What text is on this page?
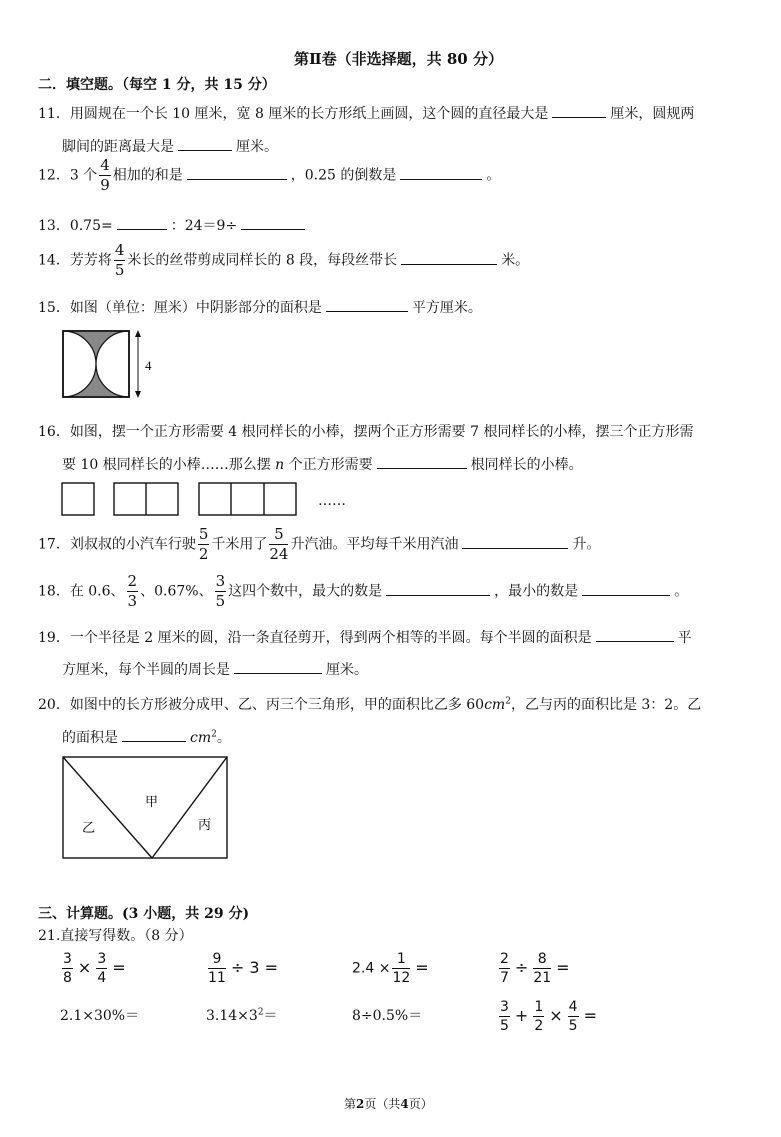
第Ⅱ卷（非选择题，共 80 分）
二．填空题。（每空 1 分，共 15 分）
11．用圆规在一个长 10 厘米，宽 8 厘米的长方形纸上画圆，这个圆的直径最大是	厘米，圆规两
脚间的距离最大是	厘米。
12．3 个 $\frac{4}{9}$ 相加的和是	，0.25 的倒数是	。
13．0.75=	：24＝9÷
14．芳芳将 $\frac{4}{5}$ 米长的丝带剪成同样长的 8 段，每段丝带长	米。
15．如图（单位：厘米）中阴影部分的面积是	平方厘米。
4
16．如图，摆一个正方形需要 4 根同样长的小棒，摆两个正方形需要 7 根同样长的小棒，摆三个正方形需
要 10 根同样长的小棒……那么摆 n 个正方形需要	根同样长的小棒。
……
17．刘叔叔的小汽车行驶 $\frac{5}{2}$ 千米用了 $\frac{5}{24}$ 升汽油。平均每千米用汽油	升。
18．在 0.6、 $\frac{2}{3}$ 、0.67%、 $\frac{3}{5}$ 这四个数中，最大的数是	，最小的数是	。
19．一个半径是 2 厘米的圆，沿一条直径剪开，得到两个相等的半圆。每个半圆的面积是	平
方厘米，每个半圆的周长是	厘米。
20．如图中的长方形被分成甲、乙、丙三个三角形，甲的面积比乙多 $60cm^2$，乙与丙的面积比是 3：2。乙
的面积是	$cm^2$。
甲
乙	丙
三、计算题。(3 小题，共 29 分)
21.直接写得数。（8 分）
$\frac{3}{8} \times \frac{3}{4}$ =	$\frac{9}{11} \div 3$ =	$2.4 \times \frac{1}{12}$ =	$\frac{2}{7} \div \frac{8}{21}$ =
2.1×30%＝	$3.14\times 3^2=$	8÷0.5%＝	$\frac{3}{5} + \frac{1}{2} \times \frac{4}{5}$ =
第2页（共4页）
